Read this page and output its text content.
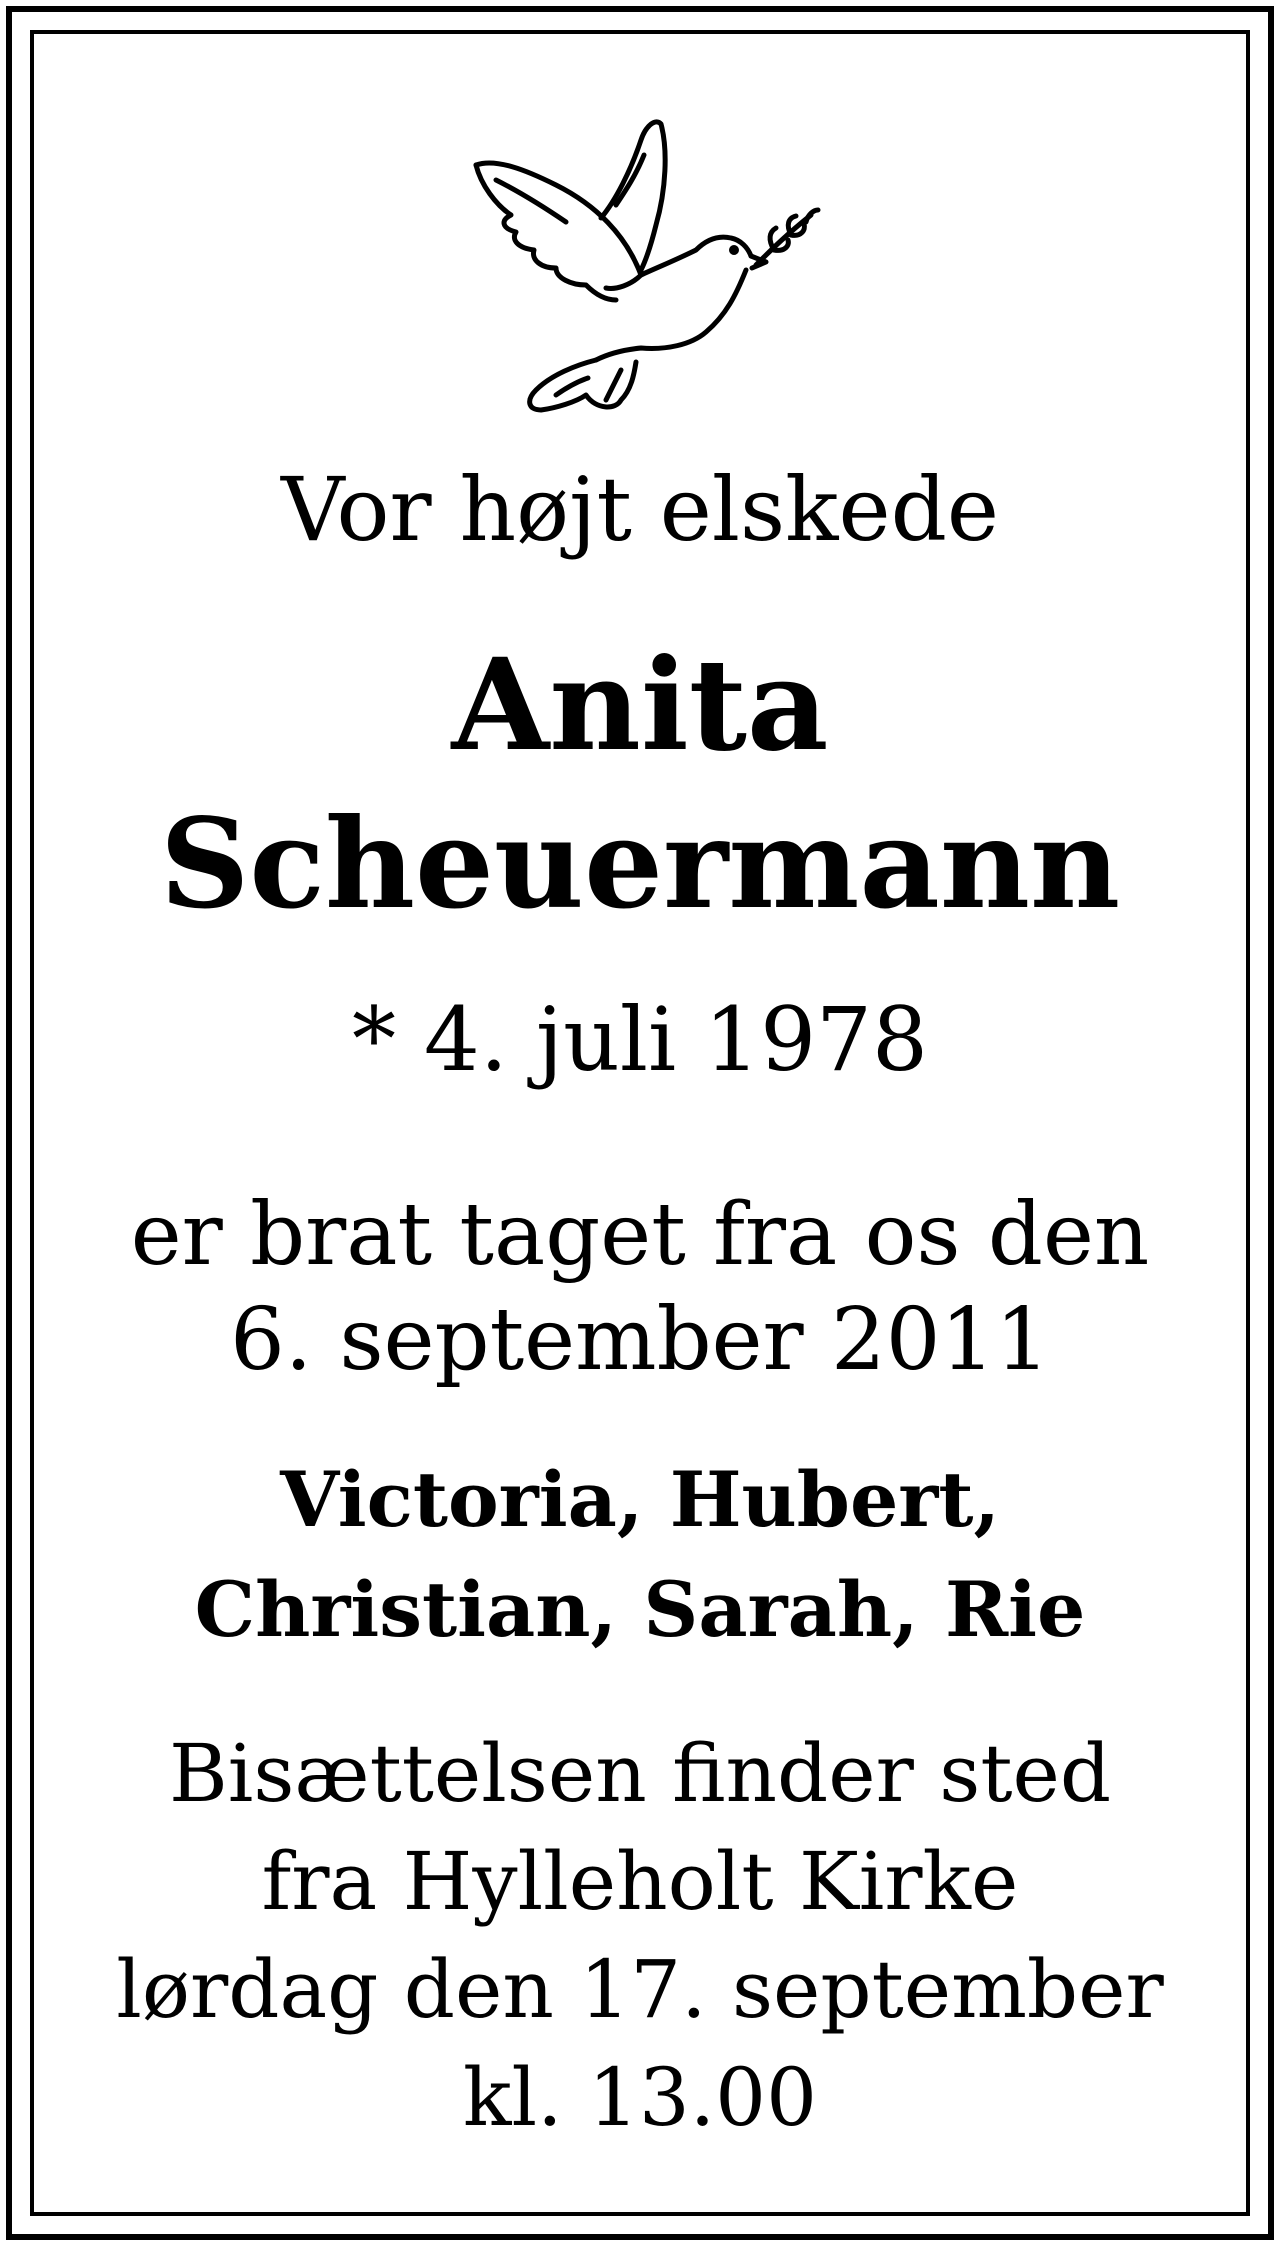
Vor højt elskede
Anita
Scheuermann
* 4. juli 1978
er brat taget fra os den
6. september 2011
Victoria, Hubert,
Christian, Sarah, Rie
Bisættelsen finder sted
fra Hylleholt Kirke
lørdag den 17. september
kl. 13.00
